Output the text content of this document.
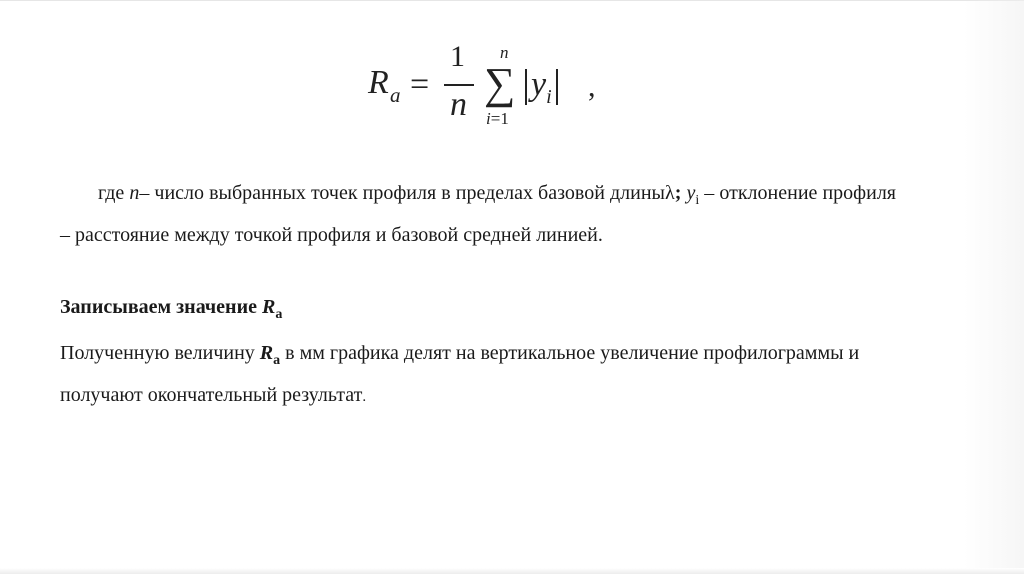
R a =
1
n
n
∑
i=1
$y_i$	,
где n– число выбранных точек профиля в пределах базовой длиныλ; $y_i$ – отклонение профиля – расстояние между точкой профиля и базовой средней линией.
Записываем значение $R_a$
Полученную величину $R_a$ в мм графика делят на вертикальное увеличение профилограммы и получают окончательный результат.
